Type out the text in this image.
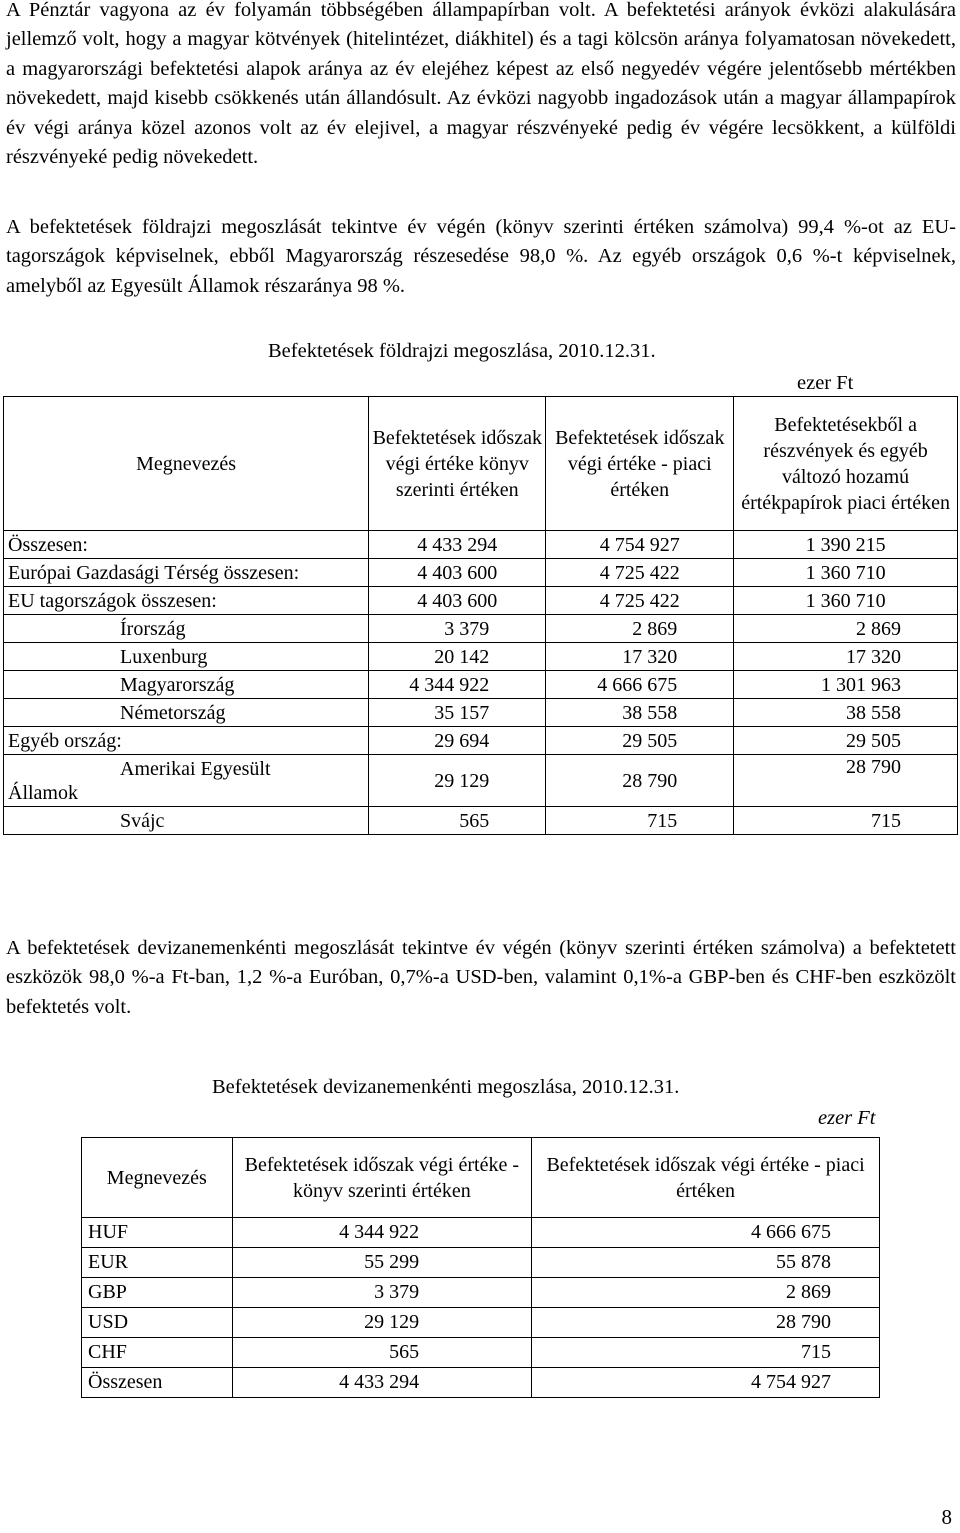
A Pénztár vagyona az év folyamán többségében állampapírban volt. A befektetési arányok évközi alakulására jellemző volt, hogy a magyar kötvények (hitelintézet, diákhitel) és a tagi kölcsön aránya folyamatosan növekedett, a magyarországi befektetési alapok aránya az év elejéhez képest az első negyedév végére jelentősebb mértékben növekedett, majd kisebb csökkenés után állandósult. Az évközi nagyobb ingadozások után a magyar állampapírok év végi aránya közel azonos volt az év elejivel, a magyar részvényeké pedig év végére lecsökkent, a külföldi részvényeké pedig növekedett.

A befektetések földrajzi megoszlását tekintve év végén (könyv szerinti értéken számolva) 99,4 %-ot az EU-tagországok képviselnek, ebből Magyarország részesedése 98,0 %. Az egyéb országok 0,6 %-t képviselnek, amelyből az Egyesült Államok részaránya 98 %.

Befektetések földrajzi megoszlása, 2010.12.31.
ezer Ft
Megnevezés	Befektetések időszak végi értéke könyv szerinti értéken	Befektetések időszak végi értéke - piaci értéken	Befektetésekből a részvények és egyéb változó hozamú értékpapírok piaci értéken
Összesen:	4 433 294	4 754 927	1 390 215
Európai Gazdasági Térség összesen:	4 403 600	4 725 422	1 360 710
EU tagországok összesen:	4 403 600	4 725 422	1 360 710
Írország	3 379	2 869	2 869
Luxenburg	20 142	17 320	17 320
Magyarország	4 344 922	4 666 675	1 301 963
Németország	35 157	38 558	38 558
Egyéb ország:	29 694	29 505	29 505

Amerikai Egyesült
Államok	29 129	28 790	28 790
Svájc	565	715	715

A befektetések devizanemenkénti megoszlását tekintve év végén (könyv szerinti értéken számolva) a befektetett eszközök 98,0 %-a Ft-ban, 1,2 %-a Euróban, 0,7%-a USD-ben, valamint 0,1%-a GBP-ben és CHF-ben eszközölt befektetés volt.

Befektetések devizanemenkénti megoszlása, 2010.12.31.
ezer Ft
Megnevezés	Befektetések időszak végi értéke - könyv szerinti értéken	Befektetések időszak végi értéke - piaci értéken
HUF	4 344 922	4 666 675
EUR	55 299	55 878
GBP	3 379	2 869
USD	29 129	28 790
CHF	565	715
Összesen	4 433 294	4 754 927
8
